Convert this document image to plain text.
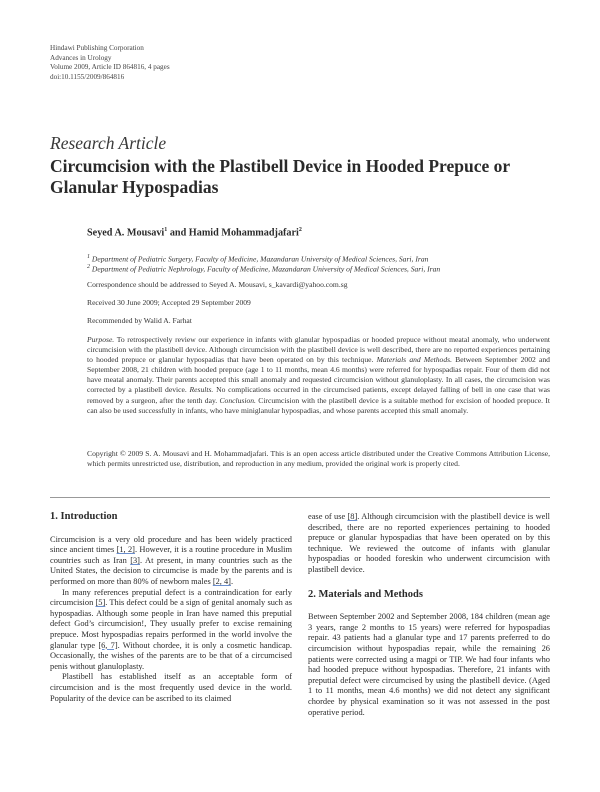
Hindawi Publishing Corporation
Advances in Urology
Volume 2009, Article ID 864816, 4 pages
doi:10.1155/2009/864816
Research Article
Circumcision with the Plastibell Device in Hooded Prepuce or Glanular Hypospadias
Seyed A. Mousavi$^1$ and Hamid Mohammadjafari$^2$
$^1$ Department of Pediatric Surgery, Faculty of Medicine, Mazandaran University of Medical Sciences, Sari, Iran
$^2$ Department of Pediatric Nephrology, Faculty of Medicine, Mazandaran University of Medical Sciences, Sari, Iran
Correspondence should be addressed to Seyed A. Mousavi, s_kavardi@yahoo.com.sg
Received 30 June 2009; Accepted 29 September 2009
Recommended by Walid A. Farhat
Purpose. To retrospectively review our experience in infants with glanular hypospadias or hooded prepuce without meatal anomaly, who underwent circumcision with the plastibell device. Although circumcision with the plastibell device is well described, there are no reported experiences pertaining to hooded prepuce or glanular hypospadias that have been operated on by this technique. Materials and Methods. Between September 2002 and September 2008, 21 children with hooded prepuce (age 1 to 11 months, mean 4.6 months) were referred for hypospadias repair. Four of them did not have meatal anomaly. Their parents accepted this small anomaly and requested circumcision without glanuloplasty. In all cases, the circumcision was corrected by a plastibell device. Results. No complications occurred in the circumcised patients, except delayed falling of bell in one case that was removed by a surgeon, after the tenth day. Conclusion. Circumcision with the plastibell device is a suitable method for excision of hooded prepuce. It can also be used successfully in infants, who have miniglanular hypospadias, and whose parents accepted this small anomaly.
Copyright © 2009 S. A. Mousavi and H. Mohammadjafari. This is an open access article distributed under the Creative Commons Attribution License, which permits unrestricted use, distribution, and reproduction in any medium, provided the original work is properly cited.
1. Introduction

Circumcision is a very old procedure and has been widely practiced since ancient times [1, 2]. However, it is a routine procedure in Muslim countries such as Iran [3]. At present, in many countries such as the United States, the decision to circumcise is made by the parents and is performed on more than 80% of newborn males [2, 4].

In many references preputial defect is a contraindication for early circumcision [5]. This defect could be a sign of genital anomaly such as hypospadias. Although some people in Iran have named this preputial defect God’s circumcision!, They usually prefer to excise remaining prepuce. Most hypospadias repairs performed in the world involve the glanular type [6, 7]. Without chordee, it is only a cosmetic handicap. Occasionally, the wishes of the parents are to be that of a circumcised penis without glanuloplasty.

Plastibell has established itself as an acceptable form of circumcision and is the most frequently used device in the world. Popularity of the device can be ascribed to its claimed

ease of use [8]. Although circumcision with the plastibell device is well described, there are no reported experiences pertaining to hooded prepuce or glanular hypospadias that have been operated on by this technique. We reviewed the outcome of infants with glanular hypospadias or hooded foreskin who underwent circumcision with plastibell device.

2. Materials and Methods

Between September 2002 and September 2008, 184 children (mean age 3 years, range 2 months to 15 years) were referred for hypospadias repair. 43 patients had a glanular type and 17 parents preferred to do circumcision without hypospadias repair, while the remaining 26 patients were corrected using a magpi or TIP. We had four infants who had hooded prepuce without hypospadias. Therefore, 21 infants with preputial defect were circumcised by using the plastibell device. (Aged 1 to 11 months, mean 4.6 months) we did not detect any significant chordee by physical examination so it was not assessed in the post operative period.
